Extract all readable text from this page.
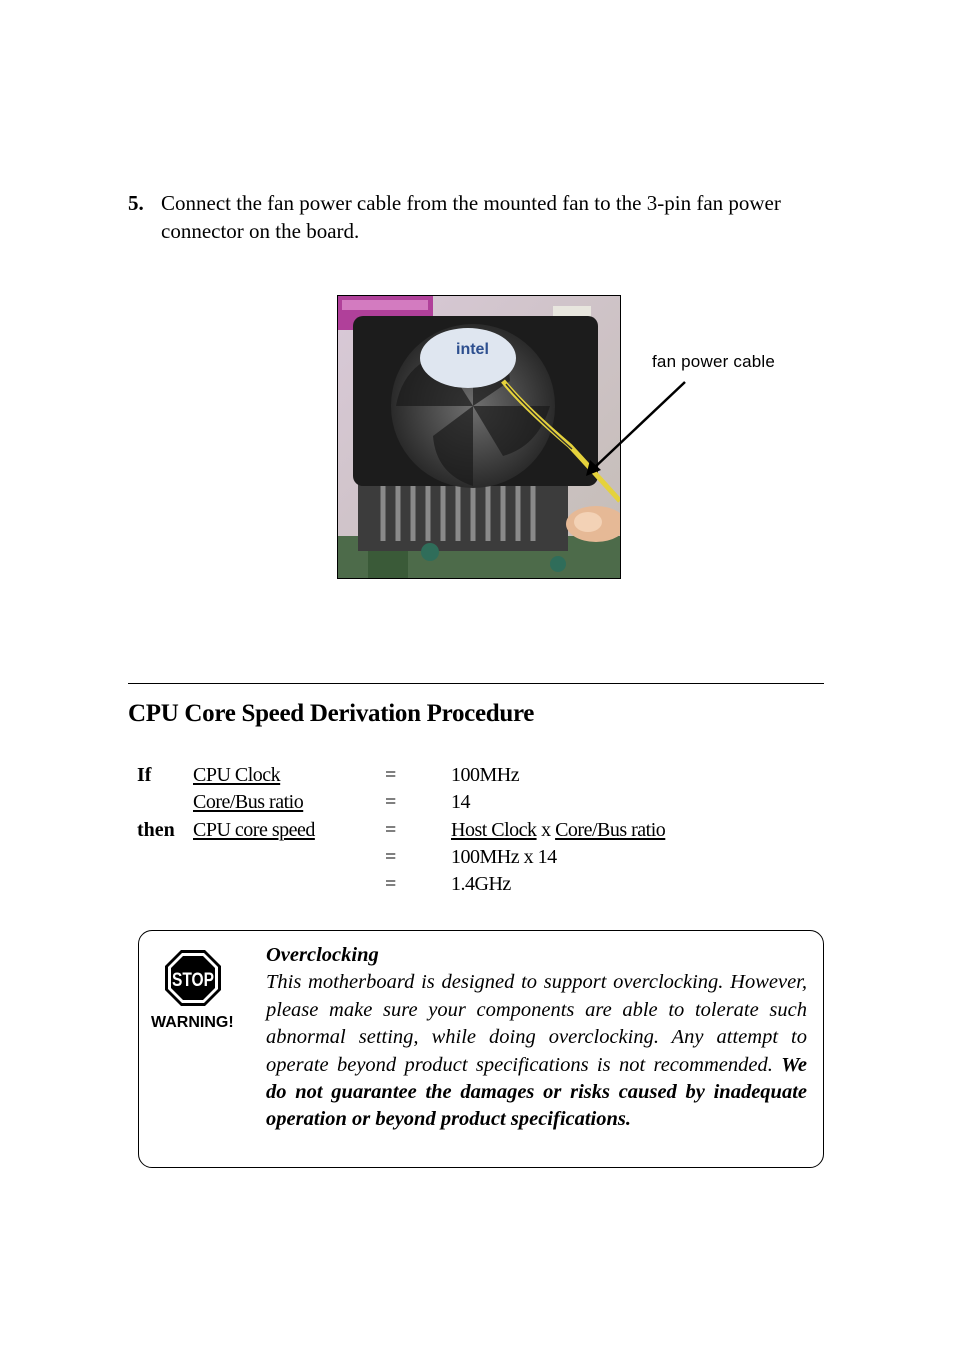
5. Connect the fan power cable from the mounted fan to the 3-pin fan power connector on the board.
intel
fan power cable
CPU Core Speed Derivation Procedure
If CPU Clock	=	100MHz
Core/Bus ratio	=	14
then CPU core speed	=	Host Clock x Core/Bus ratio
=	100MHz x 14
=	1.4GHz
STOP
WARNING!
Overclocking
This motherboard is designed to support overclocking. However, please make sure your components are able to tolerate such abnormal setting, while doing overclocking. Any attempt to operate beyond product specifications is not recommended. We do not guarantee the damages or risks caused by inadequate operation or beyond product specifications.
